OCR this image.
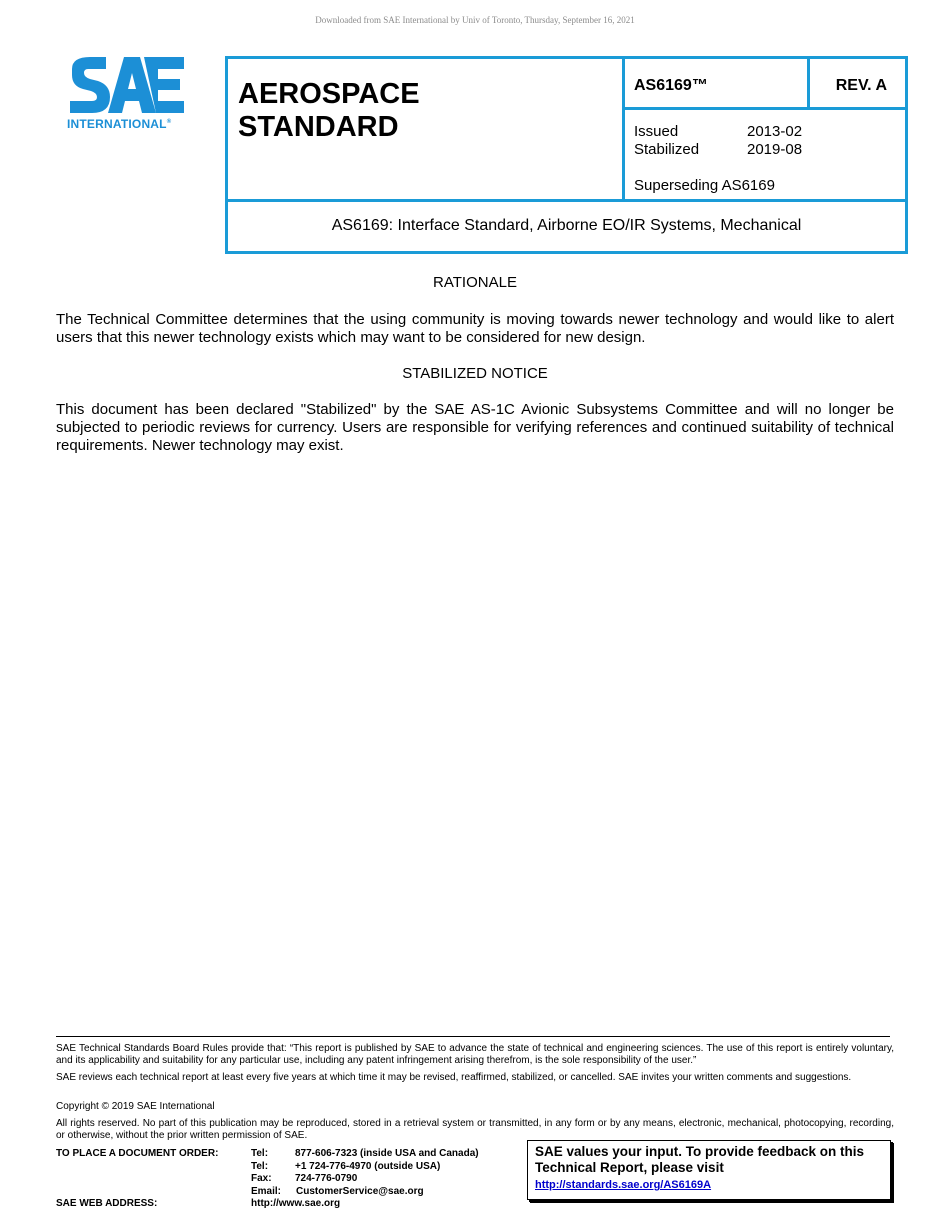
Downloaded from SAE International by Univ of Toronto, Thursday, September 16, 2021
INTERNATIONAL®
AEROSPACE
STANDARD
AS6169™	REV. A
Issued	2013-02
Stabilized	2019-08
Superseding AS6169
AS6169: Interface Standard, Airborne EO/IR Systems, Mechanical
RATIONALE
The Technical Committee determines that the using community is moving towards newer technology and would like to alert users that this newer technology exists which may want to be considered for new design.
STABILIZED NOTICE
This document has been declared "Stabilized" by the SAE AS-1C Avionic Subsystems Committee and will no longer be subjected to periodic reviews for currency. Users are responsible for verifying references and continued suitability of technical requirements. Newer technology may exist.
SAE Technical Standards Board Rules provide that: “This report is published by SAE to advance the state of technical and engineering sciences. The use of this report is entirely voluntary, and its applicability and suitability for any particular use, including any patent infringement arising therefrom, is the sole responsibility of the user.”
SAE reviews each technical report at least every five years at which time it may be revised, reaffirmed, stabilized, or cancelled. SAE invites your written comments and suggestions.
Copyright © 2019 SAE International
All rights reserved. No part of this publication may be reproduced, stored in a retrieval system or transmitted, in any form or by any means, electronic, mechanical, photocopying, recording, or otherwise, without the prior written permission of SAE.
TO PLACE A DOCUMENT ORDER:	Tel:	877-606-7323 (inside USA and Canada)
Tel:	+1 724-776-4970 (outside USA)
Fax: 724-776-0790
Email: CustomerService@sae.org
SAE WEB ADDRESS:	http://www.sae.org
SAE values your input. To provide feedback on this Technical Report, please visit
http://standards.sae.org/AS6169A
